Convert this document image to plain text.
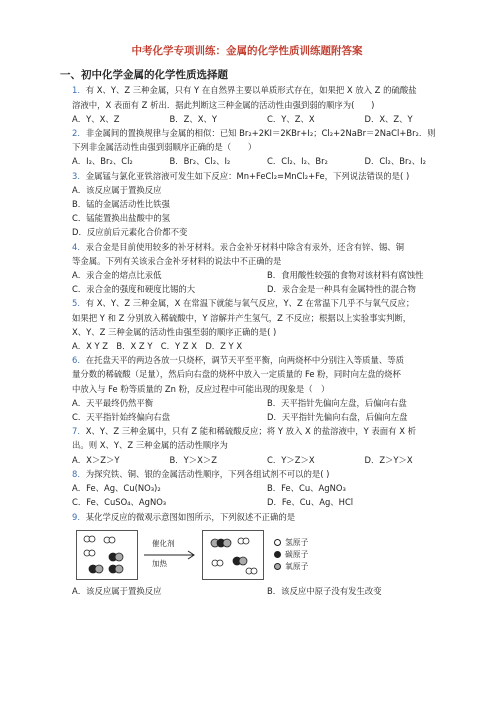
中考化学专项训练：金属的化学性质训练题附答案
一、初中化学金属的化学性质选择题
1．有 X、Y、Z 三种金属，只有 Y 在自然界主要以单质形式存在，如果把 X 放入 Z 的硫酸盐
溶液中，X 表面有 Z 析出．据此判断这三种金属的活动性由强到弱的顺序为(　　)
A．Y、X、Z	B．Z、X、Y	C．Y、Z、X	D．X、Z、Y
2．非金属间的置换规律与金属的相似：已知 Br₂+2KI＝2KBr+I₂；Cl₂+2NaBr＝2NaCl+Br₂．则
下列非金属活动性由强到弱顺序正确的是（　　）
A．I₂、Br₂、Cl₂	B．Br₂、Cl₂、I₂	C．Cl₂、I₂、Br₂	D．Cl₂、Br₂、I₂
3．金属锰与氯化亚铁溶液可发生如下反应：Mn+FeCl₂=MnCl₂+Fe，下列说法错误的是( )
A．该反应属于置换反应
B．锰的金属活动性比铁强
C．锰能置换出盐酸中的氢
D．反应前后元素化合价都不变
4．汞合金是目前使用较多的补牙材料。汞合金补牙材料中除含有汞外，还含有锌、锡、铜
等金属。下列有关该汞合金补牙材料的说法中不正确的是
A．汞合金的熔点比汞低	B．食用酸性较强的食物对该材料有腐蚀性
C．汞合金的强度和硬度比锡的大	D．汞合金是一种具有金属特性的混合物
5．有 X、Y、Z 三种金属，X 在常温下就能与氧气反应，Y、Z 在常温下几乎不与氧气反应；
如果把 Y 和 Z 分别放入稀硫酸中，Y 溶解并产生氢气，Z 不反应；根据以上实验事实判断，
X、Y、Z 三种金属的活动性由强至弱的顺序正确的是( )
A．X Y Z　B．X Z Y　C．Y Z X　D．Z Y X
6．在托盘天平的两边各放一只烧杯，调节天平至平衡，向两烧杯中分别注入等质量、等质
量分数的稀硫酸（足量），然后向右盘的烧杯中放入一定质量的 Fe 粉，同时向左盘的烧杯
中放入与 Fe 粉等质量的 Zn 粉，反应过程中可能出现的现象是（　）
A．天平最终仍然平衡	B．天平指针先偏向左盘，后偏向右盘
C．天平指针始终偏向右盘	D．天平指针先偏向右盘，后偏向左盘
7．X、Y、Z 三种金属中，只有 Z 能和稀硫酸反应；将 Y 放入 X 的盐溶液中，Y 表面有 X 析
出。则 X、Y、Z 三种金属的活动性顺序为
A．X＞Z＞Y	B．Y＞X＞Z	C．Y＞Z＞X	D．Z＞Y＞X
8．为探究铁、铜、银的金属活动性顺序，下列各组试剂不可以的是( )
A．Fe、Ag、Cu(NO₃)₂	B．Fe、Cu、AgNO₃
C．Fe、CuSO₄、AgNO₃	D．Fe、Cu、Ag、HCl
9．某化学反应的微观示意图如图所示，下列叙述不正确的是
催化剂
加热
氢原子
碳原子
氧原子
A．该反应属于置换反应	B．该反应中原子没有发生改变
